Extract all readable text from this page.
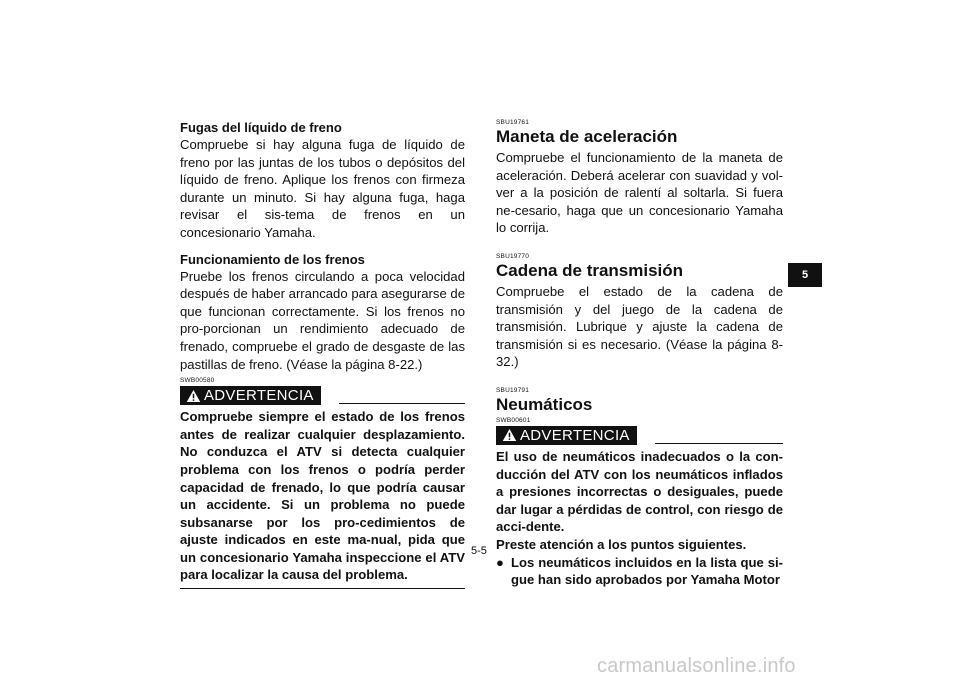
Fugas del líquido de freno

Compruebe si hay alguna fuga de líquido de freno por las juntas de los tubos o depósitos del líquido de freno. Aplique los frenos con firmeza durante un minuto. Si hay alguna fuga, haga revisar el sis-tema de frenos en un concesionario Yamaha.

Funcionamiento de los frenos

Pruebe los frenos circulando a poca velocidad después de haber arrancado para asegurarse de que funcionan correctamente. Si los frenos no pro-porcionan un rendimiento adecuado de frenado, compruebe el grado de desgaste de las pastillas de freno. (Véase la página 8-22.)

SWB00580

ADVERTENCIA

Compruebe siempre el estado de los frenos antes de realizar cualquier desplazamiento. No conduzca el ATV si detecta cualquier problema con los frenos o podría perder capacidad de frenado, lo que podría causar un accidente. Si un problema no puede subsanarse por los pro-cedimientos de ajuste indicados en este ma-nual, pida que un concesionario Yamaha inspeccione el ATV para localizar la causa del problema.

SBU19761

Maneta de aceleración

Compruebe el funcionamiento de la maneta de aceleración. Deberá acelerar con suavidad y vol-ver a la posición de ralentí al soltarla. Si fuera ne-cesario, haga que un concesionario Yamaha lo corrija.

SBU19770

Cadena de transmisión

Compruebe el estado de la cadena de transmisión y del juego de la cadena de transmisión. Lubrique y ajuste la cadena de transmisión si es necesario. (Véase la página 8-32.)

SBU19791

Neumáticos

SWB00601

ADVERTENCIA

El uso de neumáticos inadecuados o la con-ducción del ATV con los neumáticos inflados a presiones incorrectas o desiguales, puede dar lugar a pérdidas de control, con riesgo de acci-dente.

Preste atención a los puntos siguientes.

● Los neumáticos incluidos en la lista que si-gue han sido aprobados por Yamaha Motor
5-5
5
carmanualsonline.info
